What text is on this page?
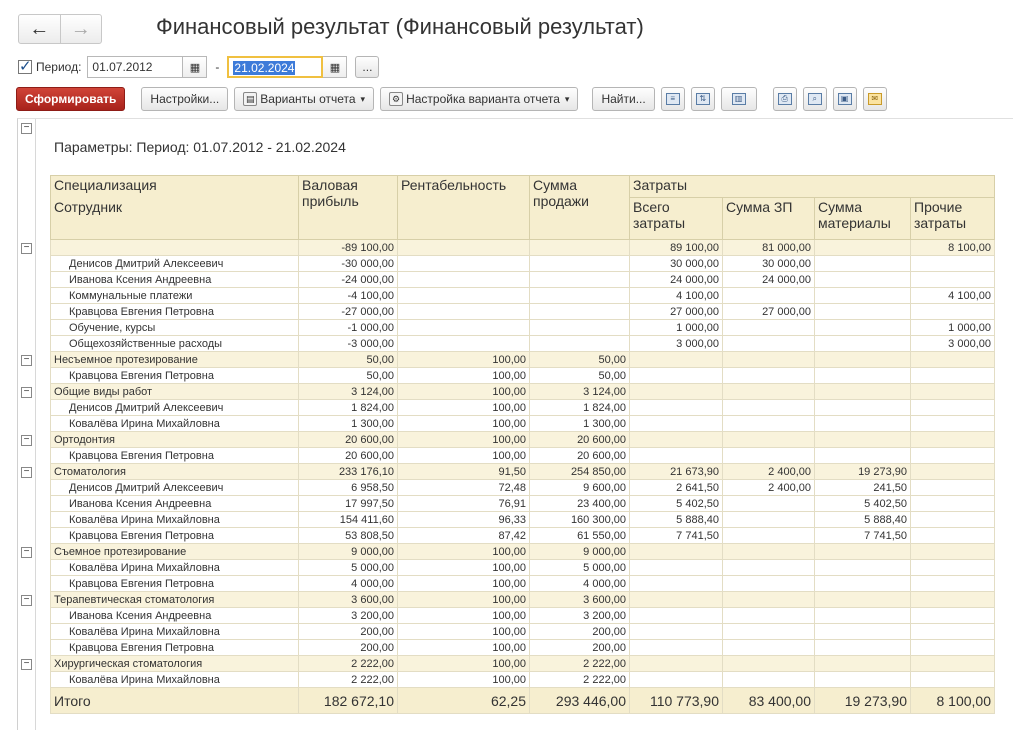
←	→	Финансовый результат (Финансовый результат)
✓
Период: 01.07.2012	▦	-	21.02.2024	▦	...
Сформировать	Настройки...	▤ Варианты отчета ▾	⚙ Настройка варианта отчета ▾	Найти...	≡	⇅	▥	⎙	⌕	▣	✉
−
Параметры: Период: 01.07.2012 - 21.02.2024
−
−
−
−
−
−
−
−
Специализация	Валовая прибыль	Рентабельность	Сумма продажи	Затраты			
Сотрудник				Всего затраты	Сумма ЗП	Сумма материалы	Прочие затраты
	-89 100,00			89 100,00	81 000,00		8 100,00
Денисов Дмитрий Алексеевич	-30 000,00			30 000,00	30 000,00		
Иванова Ксения Андреевна	-24 000,00			24 000,00	24 000,00		
Коммунальные платежи	-4 100,00			4 100,00			4 100,00
Кравцова Евгения Петровна	-27 000,00			27 000,00	27 000,00		
Обучение, курсы	-1 000,00			1 000,00			1 000,00
Общехозяйственные расходы	-3 000,00			3 000,00			3 000,00
Несъемное протезирование	50,00	100,00	50,00				
Кравцова Евгения Петровна	50,00	100,00	50,00				
Общие виды работ	3 124,00	100,00	3 124,00				
Денисов Дмитрий Алексеевич	1 824,00	100,00	1 824,00				
Ковалёва Ирина Михайловна	1 300,00	100,00	1 300,00				
Ортодонтия	20 600,00	100,00	20 600,00				
Кравцова Евгения Петровна	20 600,00	100,00	20 600,00				
Стоматология	233 176,10	91,50	254 850,00	21 673,90	2 400,00	19 273,90	
Денисов Дмитрий Алексеевич	6 958,50	72,48	9 600,00	2 641,50	2 400,00	241,50	
Иванова Ксения Андреевна	17 997,50	76,91	23 400,00	5 402,50		5 402,50	
Ковалёва Ирина Михайловна	154 411,60	96,33	160 300,00	5 888,40		5 888,40	
Кравцова Евгения Петровна	53 808,50	87,42	61 550,00	7 741,50		7 741,50	
Съемное протезирование	9 000,00	100,00	9 000,00				
Ковалёва Ирина Михайловна	5 000,00	100,00	5 000,00				
Кравцова Евгения Петровна	4 000,00	100,00	4 000,00				
Терапевтическая стоматология	3 600,00	100,00	3 600,00				
Иванова Ксения Андреевна	3 200,00	100,00	3 200,00				
Ковалёва Ирина Михайловна	200,00	100,00	200,00				
Кравцова Евгения Петровна	200,00	100,00	200,00				
Хирургическая стоматология	2 222,00	100,00	2 222,00				
Ковалёва Ирина Михайловна	2 222,00	100,00	2 222,00				
Итого	182 672,10	62,25	293 446,00	110 773,90	83 400,00	19 273,90	8 100,00
